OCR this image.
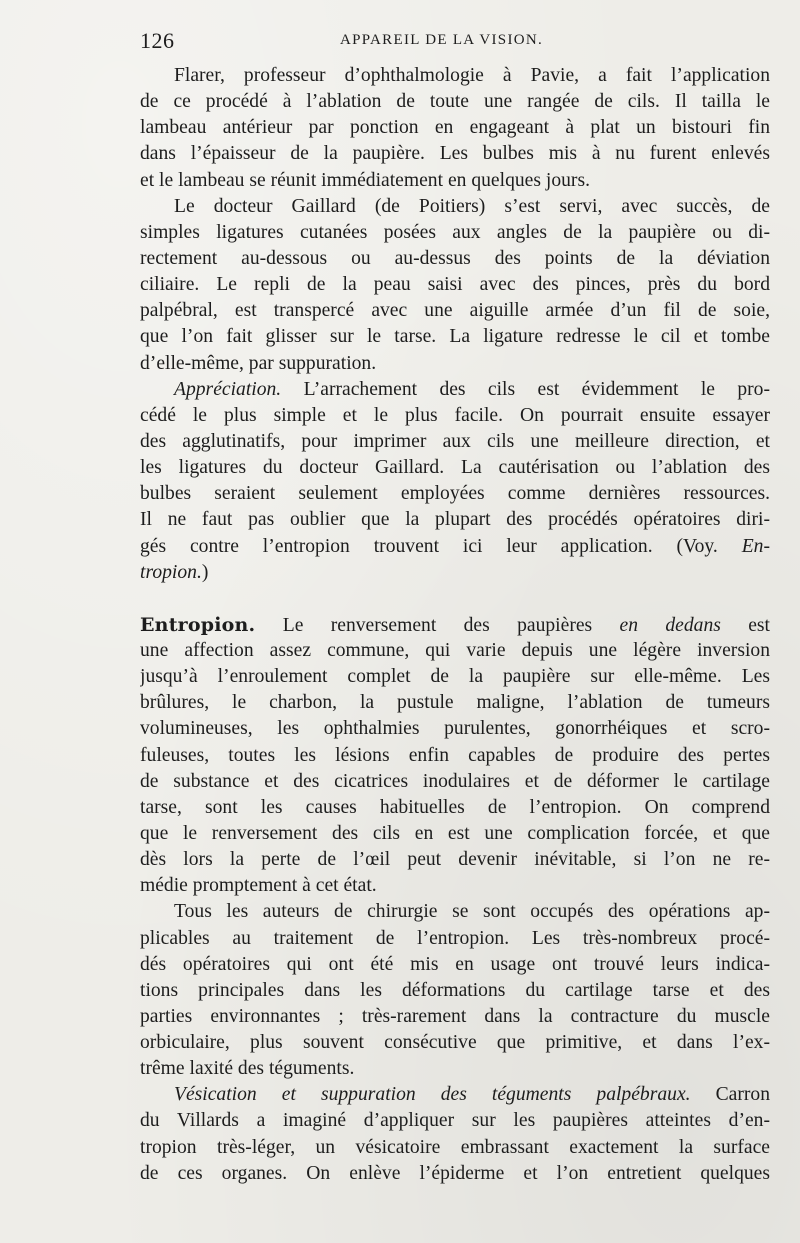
126	APPAREIL DE LA VISION.
Flarer, professeur d’ophthalmologie à Pavie, a fait l’application
de ce procédé à l’ablation de toute une rangée de cils. Il tailla le
lambeau antérieur par ponction en engageant à plat un bistouri fin
dans l’épaisseur de la paupière. Les bulbes mis à nu furent enlevés
et le lambeau se réunit immédiatement en quelques jours.
Le docteur Gaillard (de Poitiers) s’est servi, avec succès, de
simples ligatures cutanées posées aux angles de la paupière ou di-
rectement au-dessous ou au-dessus des points de la déviation
ciliaire. Le repli de la peau saisi avec des pinces, près du bord
palpébral, est transpercé avec une aiguille armée d’un fil de soie,
que l’on fait glisser sur le tarse. La ligature redresse le cil et tombe
d’elle-même, par suppuration.
Appréciation. L’arrachement des cils est évidemment le pro-
cédé le plus simple et le plus facile. On pourrait ensuite essayer
des agglutinatifs, pour imprimer aux cils une meilleure direction, et
les ligatures du docteur Gaillard. La cautérisation ou l’ablation des
bulbes seraient seulement employées comme dernières ressources.
Il ne faut pas oublier que la plupart des procédés opératoires diri-
gés contre l’entropion trouvent ici leur application. (Voy. En-
tropion.)
Entropion. Le renversement des paupières en dedans est
une affection assez commune, qui varie depuis une légère inversion
jusqu’à l’enroulement complet de la paupière sur elle-même. Les
brûlures, le charbon, la pustule maligne, l’ablation de tumeurs
volumineuses, les ophthalmies purulentes, gonorrhéiques et scro-
fuleuses, toutes les lésions enfin capables de produire des pertes
de substance et des cicatrices inodulaires et de déformer le cartilage
tarse, sont les causes habituelles de l’entropion. On comprend
que le renversement des cils en est une complication forcée, et que
dès lors la perte de l’œil peut devenir inévitable, si l’on ne re-
médie promptement à cet état.
Tous les auteurs de chirurgie se sont occupés des opérations ap-
plicables au traitement de l’entropion. Les très-nombreux procé-
dés opératoires qui ont été mis en usage ont trouvé leurs indica-
tions principales dans les déformations du cartilage tarse et des
parties environnantes ; très-rarement dans la contracture du muscle
orbiculaire, plus souvent consécutive que primitive, et dans l’ex-
trême laxité des téguments.
Vésication et suppuration des téguments palpébraux. Carron
du Villards a imaginé d’appliquer sur les paupières atteintes d’en-
tropion très-léger, un vésicatoire embrassant exactement la surface
de ces organes. On enlève l’épiderme et l’on entretient quelques
